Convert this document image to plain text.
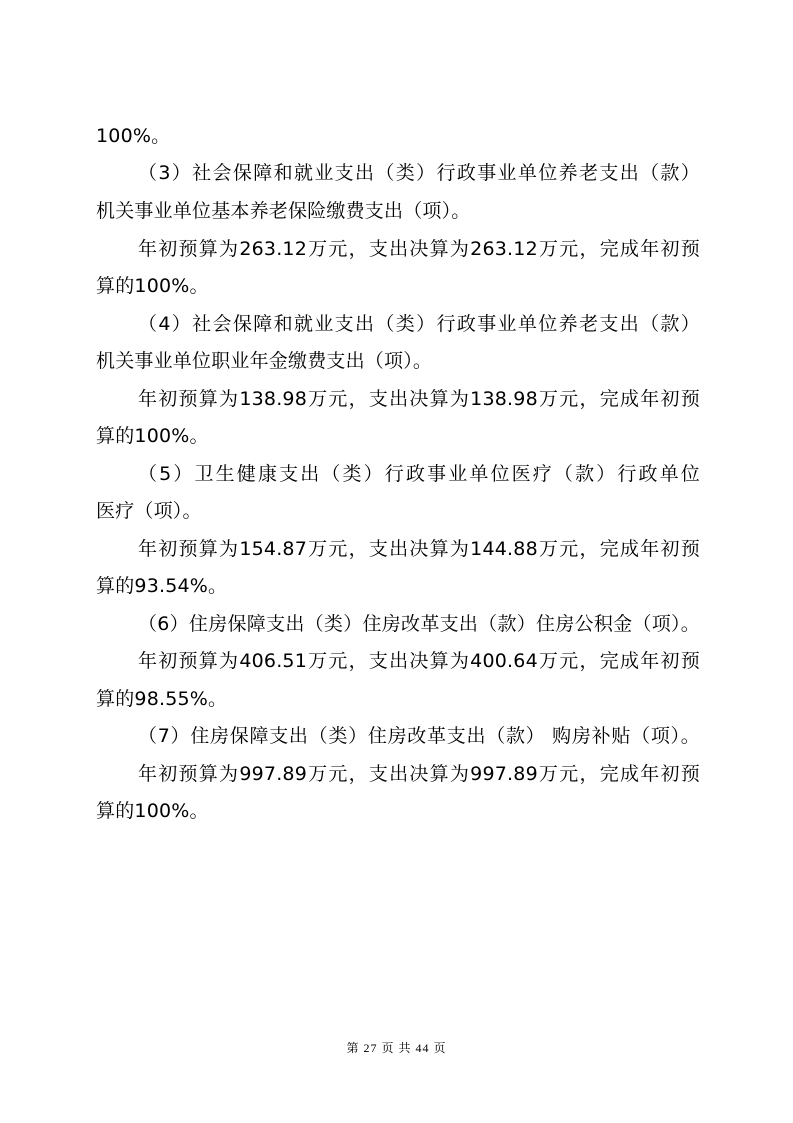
100%。
（3）社会保障和就业支出（类）行政事业单位养老支出（款）
机关事业单位基本养老保险缴费支出（项）。
年初预算为263.12万元，支出决算为263.12万元，完成年初预
算的100%。
（4）社会保障和就业支出（类）行政事业单位养老支出（款）
机关事业单位职业年金缴费支出（项）。
年初预算为138.98万元，支出决算为138.98万元，完成年初预
算的100%。
（5）卫生健康支出（类）行政事业单位医疗（款）行政单位
医疗（项）。
年初预算为154.87万元，支出决算为144.88万元，完成年初预
算的93.54%。
（6）住房保障支出（类）住房改革支出（款）住房公积金（项）。
年初预算为406.51万元，支出决算为400.64万元，完成年初预
算的98.55%。
（7）住房保障支出（类）住房改革支出（款） 购房补贴（项）。
年初预算为997.89万元，支出决算为997.89万元，完成年初预
算的100%。
第 27 页 共 44 页
